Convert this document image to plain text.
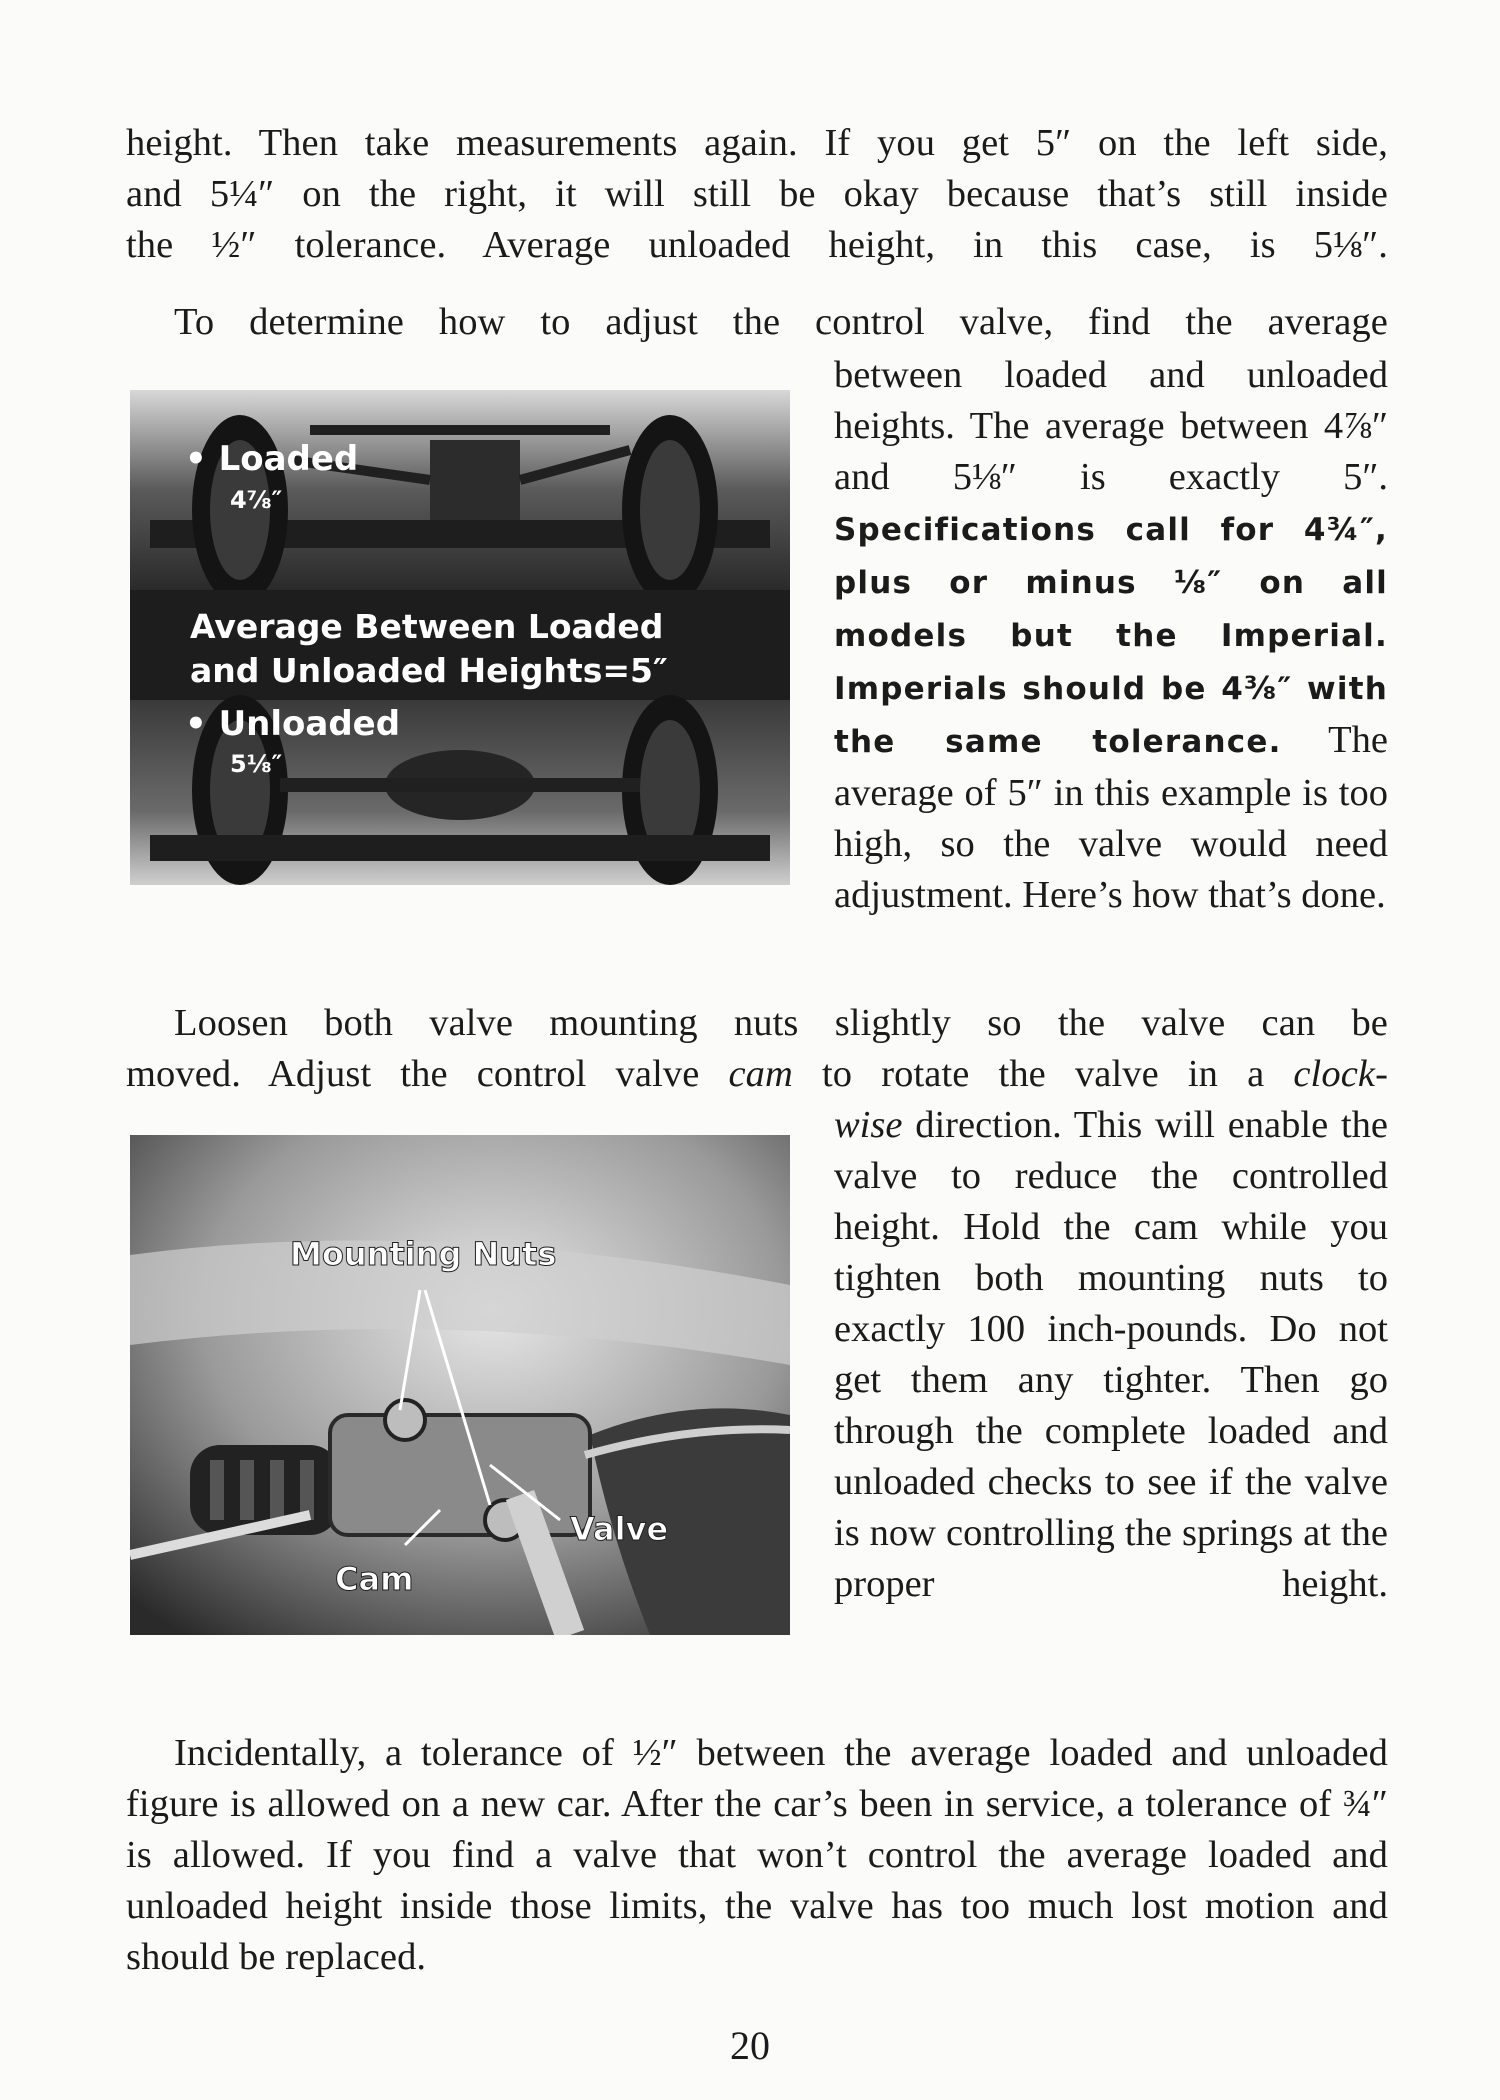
height. Then take measurements again. If you get 5″ on the left side,
and 5¼″ on the right, it will still be okay because that’s still inside
the ½″ tolerance. Average unloaded height, in this case, is 5⅛″.
To determine how to adjust the control valve, find the average
• Loaded
4⅞″
Average Between Loaded
and Unloaded Heights=5″
• Unloaded
5⅛″
between loaded and unloaded heights. The average between 4⅞″ and 5⅛″ is exactly 5″. Specifications call for 4¾″, plus or minus ⅛″ on all models but the Imperial. Imperials should be 4⅜″ with the same tolerance. The average of 5″ in this example is too high, so the valve would need adjustment. Here’s how that’s done.
Loosen both valve mounting nuts slightly so the valve can be
moved. Adjust the control valve cam to rotate the valve in a clock-
Mounting Nuts
Valve
Cam
wise direction. This will enable the valve to reduce the controlled height. Hold the cam while you tighten both mounting nuts to exactly 100 inch-pounds. Do not get them any tighter. Then go through the complete loaded and unloaded checks to see if the valve is now controlling the springs at the proper height.
Incidentally, a tolerance of ½″ between the average loaded and unloaded figure is allowed on a new car. After the car’s been in service, a tolerance of ¾″ is allowed. If you find a valve that won’t control the average loaded and unloaded height inside those limits, the valve has too much lost motion and should be replaced.
20
